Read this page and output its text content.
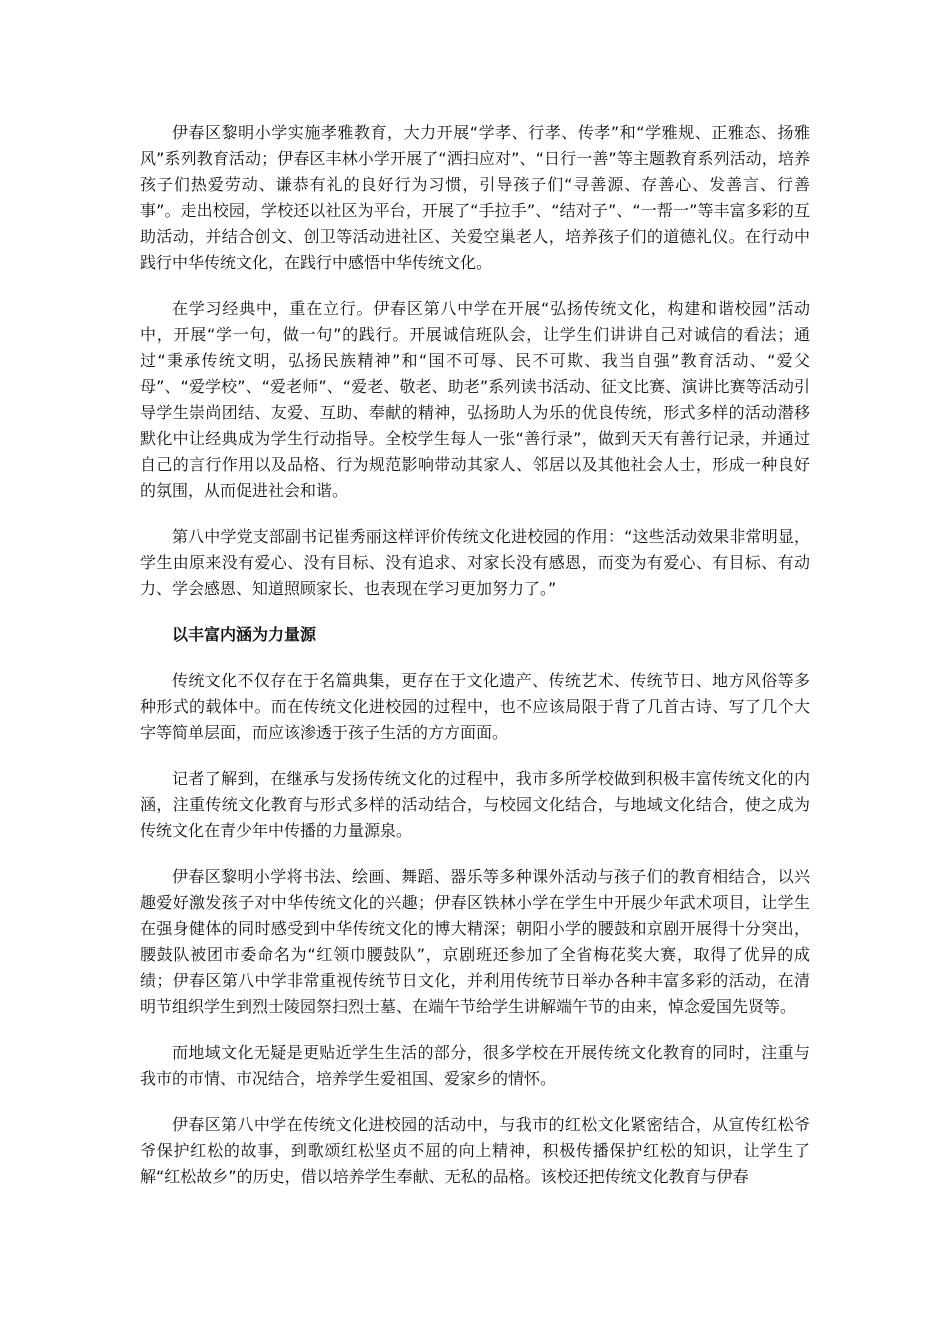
伊春区黎明小学实施孝雅教育，大力开展“学孝、行孝、传孝”和“学雅规、正雅态、扬雅风”系列教育活动；伊春区丰林小学开展了“洒扫应对”、“日行一善”等主题教育系列活动，培养孩子们热爱劳动、谦恭有礼的良好行为习惯，引导孩子们“寻善源、存善心、发善言、行善事”。走出校园，学校还以社区为平台，开展了“手拉手”、“结对子”、“一帮一”等丰富多彩的互助活动，并结合创文、创卫等活动进社区、关爱空巢老人，培养孩子们的道德礼仪。在行动中践行中华传统文化，在践行中感悟中华传统文化。

在学习经典中，重在立行。伊春区第八中学在开展“弘扬传统文化，构建和谐校园”活动中，开展“学一句，做一句”的践行。开展诚信班队会，让学生们讲讲自己对诚信的看法；通过“秉承传统文明，弘扬民族精神”和“国不可辱、民不可欺、我当自强”教育活动、“爱父母”、“爱学校”、“爱老师”、“爱老、敬老、助老”系列读书活动、征文比赛、演讲比赛等活动引导学生崇尚团结、友爱、互助、奉献的精神，弘扬助人为乐的优良传统，形式多样的活动潜移默化中让经典成为学生行动指导。全校学生每人一张“善行录”，做到天天有善行记录，并通过自己的言行作用以及品格、行为规范影响带动其家人、邻居以及其他社会人士，形成一种良好的氛围，从而促进社会和谐。

第八中学党支部副书记崔秀丽这样评价传统文化进校园的作用：“这些活动效果非常明显，学生由原来没有爱心、没有目标、没有追求、对家长没有感恩，而变为有爱心、有目标、有动力、学会感恩、知道照顾家长、也表现在学习更加努力了。”

以丰富内涵为力量源

传统文化不仅存在于名篇典集，更存在于文化遗产、传统艺术、传统节日、地方风俗等多种形式的载体中。而在传统文化进校园的过程中，也不应该局限于背了几首古诗、写了几个大字等简单层面，而应该渗透于孩子生活的方方面面。

记者了解到，在继承与发扬传统文化的过程中，我市多所学校做到积极丰富传统文化的内涵，注重传统文化教育与形式多样的活动结合，与校园文化结合，与地域文化结合，使之成为传统文化在青少年中传播的力量源泉。

伊春区黎明小学将书法、绘画、舞蹈、器乐等多种课外活动与孩子们的教育相结合，以兴趣爱好激发孩子对中华传统文化的兴趣；伊春区铁林小学在学生中开展少年武术项目，让学生在强身健体的同时感受到中华传统文化的博大精深；朝阳小学的腰鼓和京剧开展得十分突出，腰鼓队被团市委命名为“红领巾腰鼓队”，京剧班还参加了全省梅花奖大赛，取得了优异的成绩；伊春区第八中学非常重视传统节日文化，并利用传统节日举办各种丰富多彩的活动，在清明节组织学生到烈士陵园祭扫烈士墓、在端午节给学生讲解端午节的由来，悼念爱国先贤等。

而地域文化无疑是更贴近学生生活的部分，很多学校在开展传统文化教育的同时，注重与我市的市情、市况结合，培养学生爱祖国、爱家乡的情怀。

伊春区第八中学在传统文化进校园的活动中，与我市的红松文化紧密结合，从宣传红松爷爷保护红松的故事，到歌颂红松坚贞不屈的向上精神，积极传播保护红松的知识，让学生了解“红松故乡”的历史，借以培养学生奉献、无私的品格。该校还把传统文化教育与伊春
